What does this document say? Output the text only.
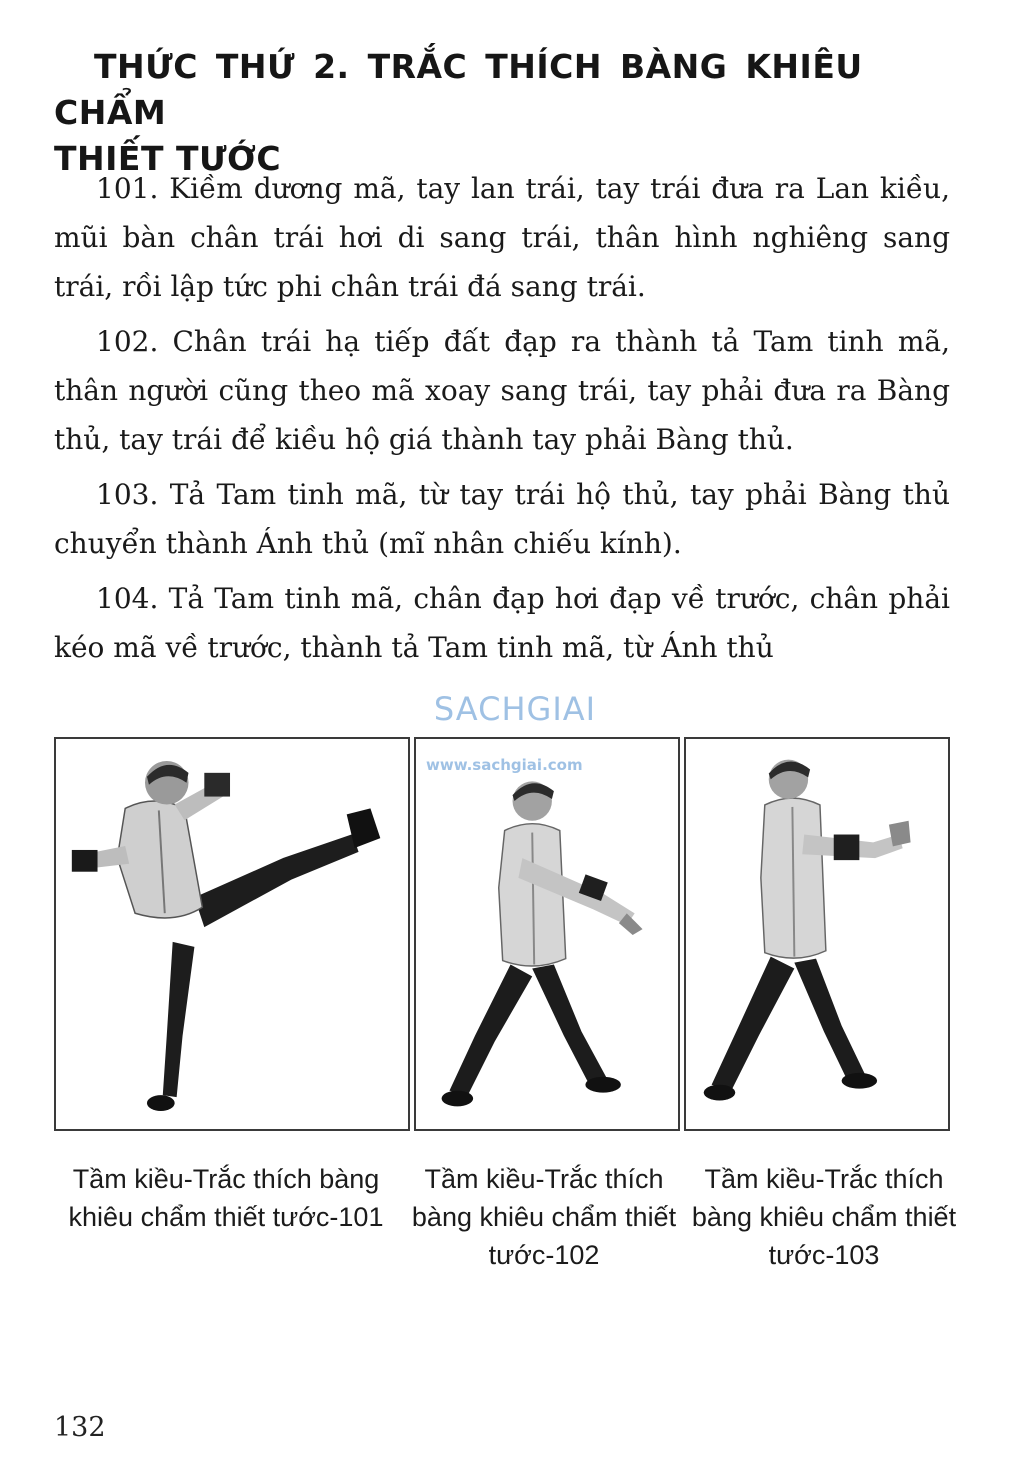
THỨC THỨ 2. TRẮC THÍCH BÀNG KHIÊU CHẨM
THIẾT TƯỚC

101. Kiềm dương mã, tay lan trái, tay trái đưa ra Lan kiều, mũi bàn chân trái hơi di sang trái, thân hình nghiêng sang trái, rồi lập tức phi chân trái đá sang trái.

102. Chân trái hạ tiếp đất đạp ra thành tả Tam tinh mã, thân người cũng theo mã xoay sang trái, tay phải đưa ra Bàng thủ, tay trái để kiều hộ giá thành tay phải Bàng thủ.

103. Tả Tam tinh mã, từ tay trái hộ thủ, tay phải Bàng thủ chuyển thành Ánh thủ (mĩ nhân chiếu kính).

104. Tả Tam tinh mã, chân đạp hơi đạp về trước, chân phải kéo mã về trước, thành tả Tam tinh mã, từ Ánh thủ

Tầm kiều-Trắc thích bàng khiêu chẩm thiết tước-101
Tầm kiều-Trắc thích bàng khiêu chẩm thiết tước-102
Tầm kiều-Trắc thích bàng khiêu chẩm thiết tước-103
SACHGIAI
www.sachgiai.com
132
